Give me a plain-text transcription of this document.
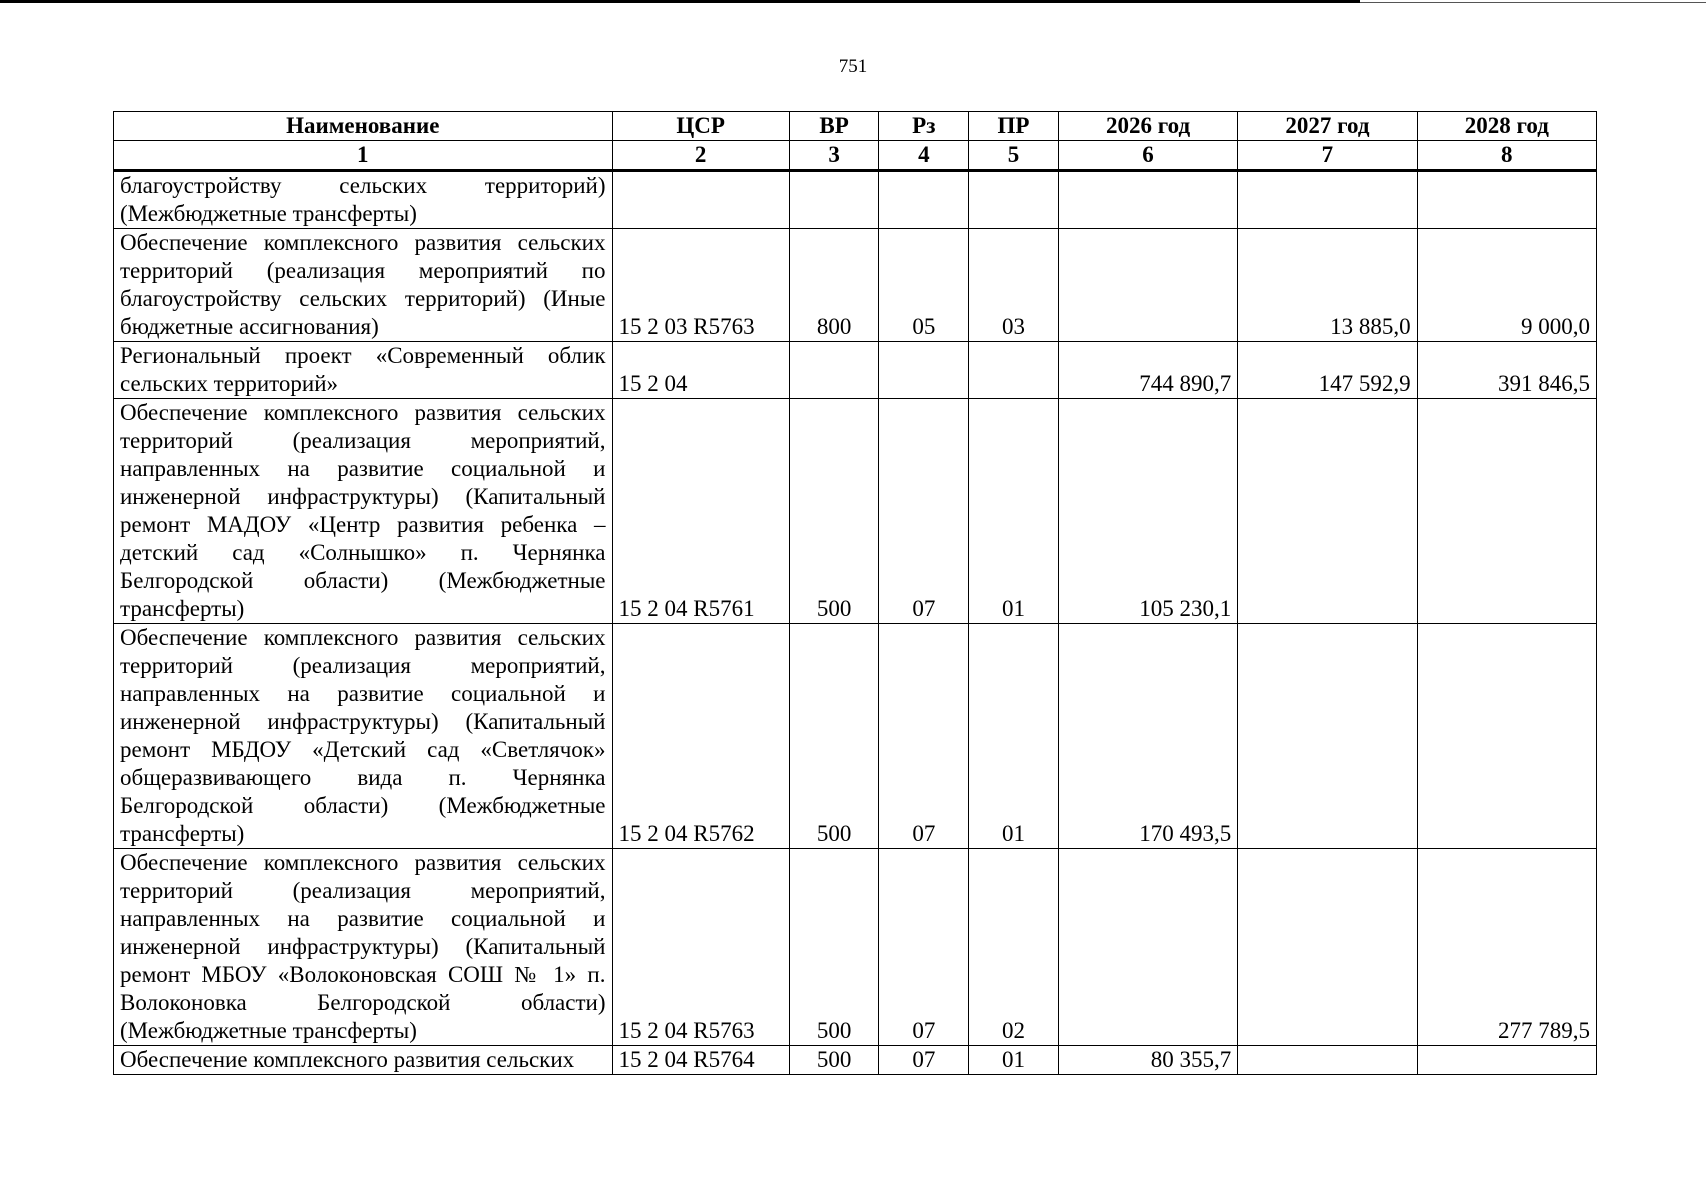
751
Наименование	ЦСР	ВР	Рз	ПР	2026 год	2027 год	2028 год
1	2	3	4	5	6	7	8
благоустройству сельских территорий) (Межбюджетные трансферты)							
Обеспечение комплексного развития сельских территорий (реализация мероприятий по благоустройству сельских территорий) (Иные бюджетные ассигнования)	15 2 03 R5763	800	05	03		13 885,0	9 000,0
Региональный проект «Современный облик сельских территорий»	15 2 04				744 890,7	147 592,9	391 846,5
Обеспечение комплексного развития сельских территорий (реализация мероприятий, направленных на развитие социальной и инженерной инфраструктуры) (Капитальный ремонт МАДОУ «Центр развития ребенка – детский сад «Солнышко» п. Чернянка Белгородской области) (Межбюджетные трансферты)	15 2 04 R5761	500	07	01	105 230,1		
Обеспечение комплексного развития сельских территорий (реализация мероприятий, направленных на развитие социальной и инженерной инфраструктуры) (Капитальный ремонт МБДОУ «Детский сад «Светлячок» общеразвивающего вида п. Чернянка Белгородской области) (Межбюджетные трансферты)	15 2 04 R5762	500	07	01	170 493,5		
Обеспечение комплексного развития сельских территорий (реализация мероприятий, направленных на развитие социальной и инженерной инфраструктуры) (Капитальный ремонт МБОУ «Волоконовская СОШ № 1» п. Волоконовка Белгородской области) (Межбюджетные трансферты)	15 2 04 R5763	500	07	02			277 789,5
Обеспечение комплексного развития сельских	15 2 04 R5764	500	07	01	80 355,7		
